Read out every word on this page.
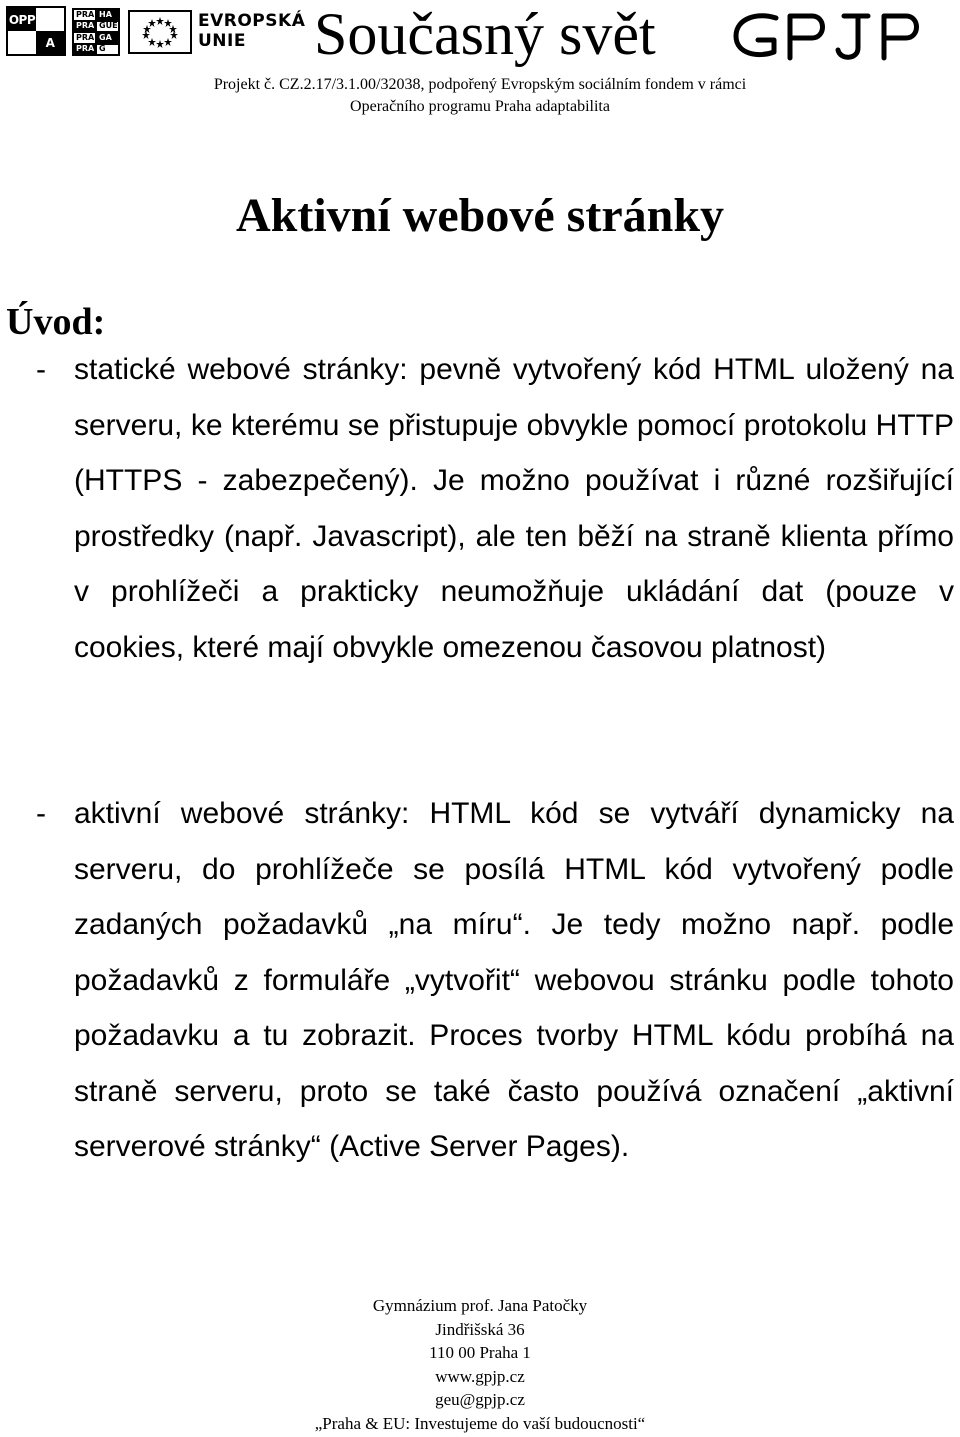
OPP
A
PRA HA
PRA GUE
PRA GA
PRA G
EVROPSKÁ
UNIE	Současný svět	GPJP
Projekt č. CZ.2.17/3.1.00/32038, podpořený Evropským sociálním fondem v rámci
Operačního programu Praha adaptabilita
Aktivní webové stránky
Úvod:

- statické webové stránky: pevně vytvořený kód HTML uložený na serveru, ke kterému se přistupuje obvykle pomocí protokolu HTTP (HTTPS - zabezpečený). Je možno používat i různé rozšiřující prostředky (např. Javascript), ale ten běží na straně klienta přímo v prohlížeči a prakticky neumožňuje ukládání dat (pouze v cookies, které mají obvykle omezenou časovou platnost)

- aktivní webové stránky: HTML kód se vytváří dynamicky na serveru, do prohlížeče se posílá HTML kód vytvořený podle zadaných požadavků „na míru“. Je tedy možno např. podle požadavků z formuláře „vytvořit“ webovou stránku podle tohoto požadavku a tu zobrazit. Proces tvorby HTML kódu probíhá na straně serveru, proto se také často používá označení „aktivní serverové stránky“ (Active Server Pages).

Gymnázium prof. Jana Patočky
Jindřišská 36
110 00 Praha 1
www.gpjp.cz
geu@gpjp.cz
„Praha & EU: Investujeme do vaší budoucnosti“
